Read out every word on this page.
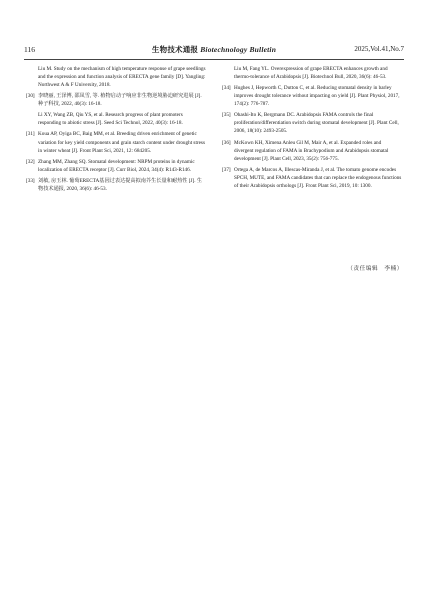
116	生物技术通报 Biotechnology Bulletin	2025,Vol.41,No.7
Liu M. Study on the mechanism of high temperature response of grape seedlings and the expression and function analysis of ERECTA gene family [D]. Yangling: Northwest A & F University, 2018.
[30] 李晓丽, 王泽博, 邵凤雪, 等. 植物启动子响应非生物逆境胁迫研究进展 [J]. 种子科技, 2022, 40(3): 16-18.
Li XY, Wang ZB, Qiu YS, et al. Research progress of plant promoters responding to abiotic stress [J]. Seed Sci Technol, 2022, 40(3): 16-18.
[31] Koua AP, Oyiga BC, Baig MM, et al. Breeding driven enrichment of genetic variation for key yield components and grain starch content under drought stress in winter wheat [J]. Front Plant Sci, 2021, 12: 684205.
[32] Zhang MM, Zhang SQ. Stomatal development: NRPM proteins in dynamic localization of ERECTA receptor [J]. Curr Biol, 2024, 34(4): R143-R146.
[33] 刘敏, 房玉林. 葡萄ERECTA基因过表达提高拟南芥生长量和耐热性 [J]. 生物技术通报, 2020, 36(6): 46-53.
Liu M, Fang YL. Overexpression of grape ERECTA enhances growth and thermo-tolerance of Arabidopsis [J]. Biotechnol Bull, 2020, 36(6): 46-53.
[34] Hughes J, Hepworth C, Dutton C, et al. Reducing stomatal density in barley improves drought tolerance without impacting on yield [J]. Plant Physiol, 2017, 174(2): 776-787.
[35] Ohashi-Ito K, Bergmann DC. Arabidopsis FAMA controls the final proliferation/differentiation switch during stomatal development [J]. Plant Cell, 2006, 18(10): 2493-2505.
[36] McKown KH, Ximena Anleu Gil M, Mair A, et al. Expanded roles and divergent regulation of FAMA in Brachypodium and Arabidopsis stomatal development [J]. Plant Cell, 2023, 35(2): 756-775.
[37] Ortega A, de Marcos A, Illescas-Miranda J, et al. The tomato genome encodes SPCH, MUTE, and FAMA candidates that can replace the endogenous functions of their Arabidopsis orthologs [J]. Front Plant Sci, 2019, 10: 1300.
（责任编辑　李楠）
